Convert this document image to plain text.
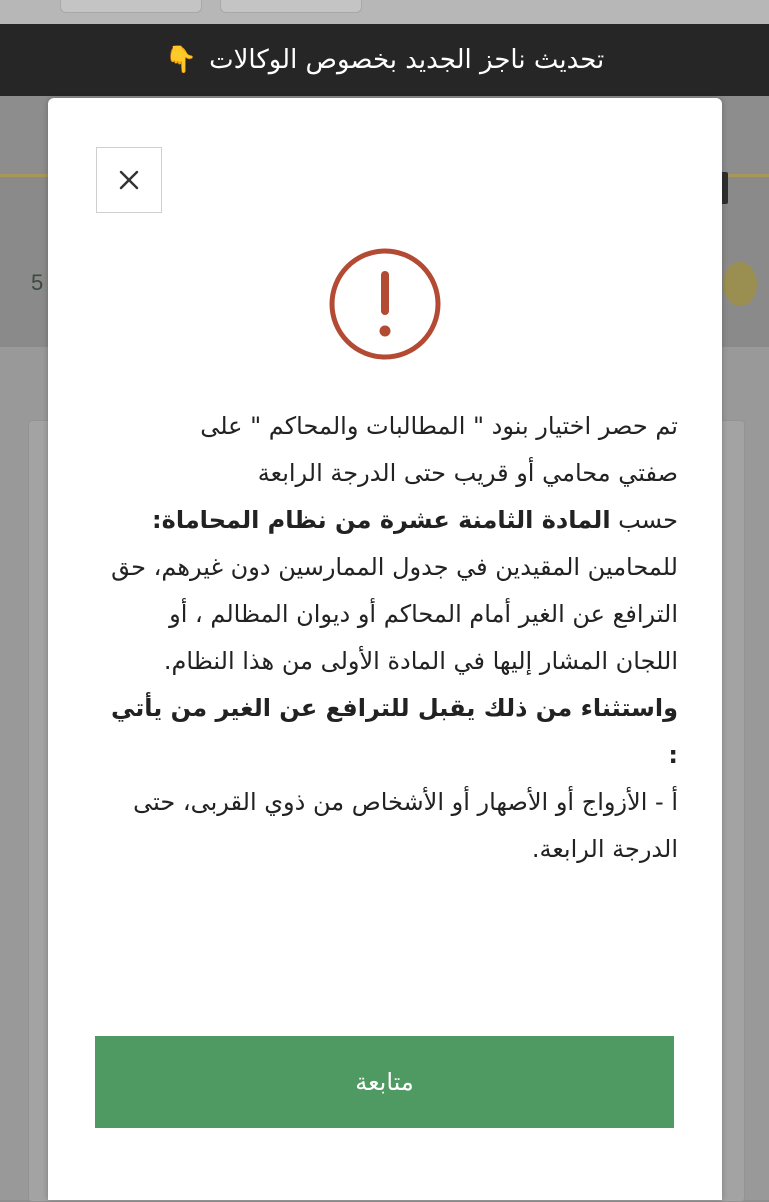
5
تحديث ناجز الجديد بخصوص الوكالات
👇

تم حصر اختيار بنود " المطالبات والمحاكم " على

صفتي محامي أو قريب حتى الدرجة الرابعة

حسب المادة الثامنة عشرة من نظام المحاماة:

للمحامين المقيدين في جدول الممارسين دون غيرهم، حق الترافع عن الغير أمام المحاكم أو ديوان المظالم ، أو اللجان المشار إليها في المادة الأولى من هذا النظام.

واستثناء من ذلك يقبل للترافع عن الغير من يأتي :

أ - الأزواج أو الأصهار أو الأشخاص من ذوي القربى، حتى الدرجة الرابعة.

متابعة
